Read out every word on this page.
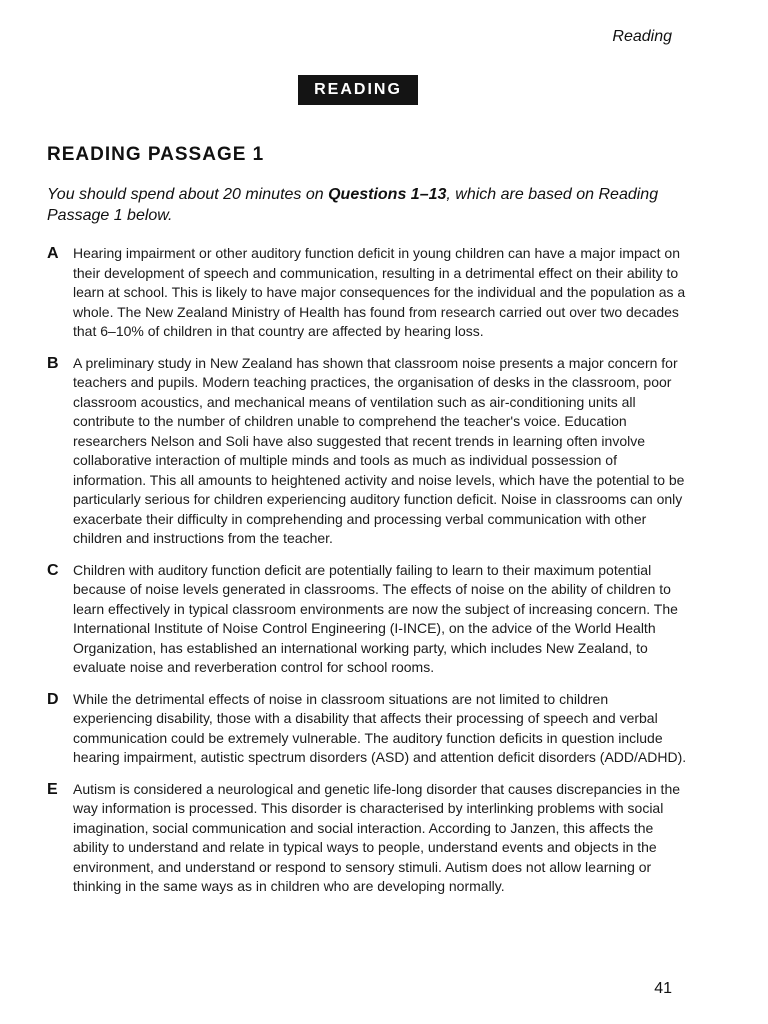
Reading
READING
READING PASSAGE 1

You should spend about 20 minutes on Questions 1–13, which are based on Reading Passage 1 below.

A	Hearing impairment or other auditory function deficit in young children can have a major impact on their development of speech and communication, resulting in a detrimental effect on their ability to learn at school. This is likely to have major consequences for the individual and the population as a whole. The New Zealand Ministry of Health has found from research carried out over two decades that 6–10% of children in that country are affected by hearing loss.

B	A preliminary study in New Zealand has shown that classroom noise presents a major concern for teachers and pupils. Modern teaching practices, the organisation of desks in the classroom, poor classroom acoustics, and mechanical means of ventilation such as air-conditioning units all contribute to the number of children unable to comprehend the teacher's voice. Education researchers Nelson and Soli have also suggested that recent trends in learning often involve collaborative interaction of multiple minds and tools as much as individual possession of information. This all amounts to heightened activity and noise levels, which have the potential to be particularly serious for children experiencing auditory function deficit. Noise in classrooms can only exacerbate their difficulty in comprehending and processing verbal communication with other children and instructions from the teacher.

C	Children with auditory function deficit are potentially failing to learn to their maximum potential because of noise levels generated in classrooms. The effects of noise on the ability of children to learn effectively in typical classroom environments are now the subject of increasing concern. The International Institute of Noise Control Engineering (I-INCE), on the advice of the World Health Organization, has established an international working party, which includes New Zealand, to evaluate noise and reverberation control for school rooms.

D	While the detrimental effects of noise in classroom situations are not limited to children experiencing disability, those with a disability that affects their processing of speech and verbal communication could be extremely vulnerable. The auditory function deficits in question include hearing impairment, autistic spectrum disorders (ASD) and attention deficit disorders (ADD/ADHD).

E	Autism is considered a neurological and genetic life-long disorder that causes discrepancies in the way information is processed. This disorder is characterised by interlinking problems with social imagination, social communication and social interaction. According to Janzen, this affects the ability to understand and relate in typical ways to people, understand events and objects in the environment, and understand or respond to sensory stimuli. Autism does not allow learning or thinking in the same ways as in children who are developing normally.

41
